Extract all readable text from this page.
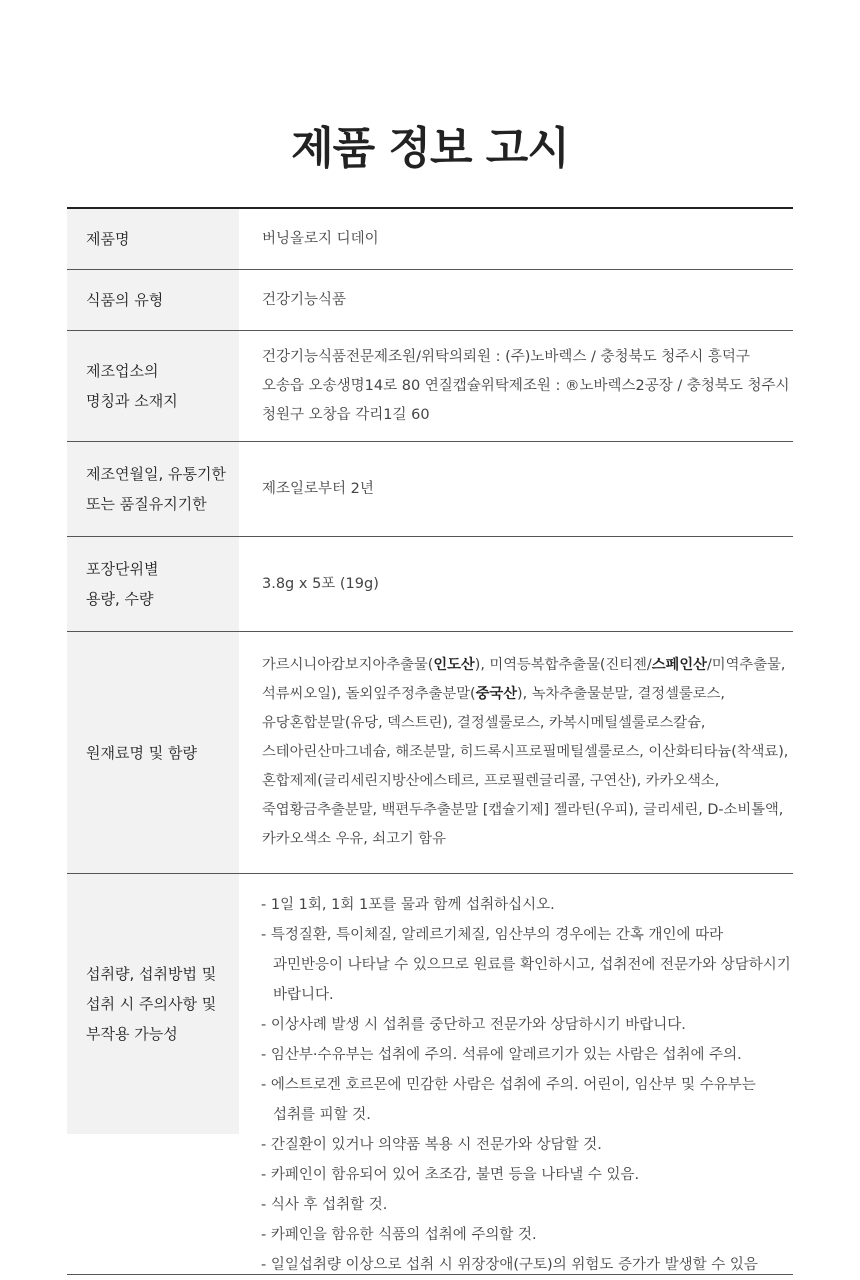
제품 정보 고시
제품명	버닝올로지 디데이
식품의 유형	건강기능식품
제조업소의
명칭과 소재지
건강기능식품전문제조원/위탁의뢰원 : (주)노바렉스 / 충청북도 청주시 흥덕구 오송읍 오송생명14로 80 연질캡슐위탁제조원 : ®노바렉스2공장 / 충청북도 청주시 청원구 오창읍 각리1길 60
제조연월일, 유통기한
또는 품질유지기한
제조일로부터 2년
포장단위별
용량, 수량
3.8g x 5포 (19g)
원재료명 및 함량
가르시니아캄보지아추출물(인도산), 미역등복합추출물(진티젠/스페인산/미역추출물, 석류씨오일), 돌외잎주정추출분말(중국산), 녹차추출물분말, 결정셀룰로스, 유당혼합분말(유당, 덱스트린), 결정셀룰로스, 카복시메틸셀룰로스칼슘, 스테아린산마그네슘, 해조분말, 히드록시프로필메틸셀룰로스, 이산화티타늄(착색료), 혼합제제(글리세린지방산에스테르, 프로필렌글리콜, 구연산), 카카오색소, 죽엽황금추출분말, 백편두추출분말 [캡슐기제] 젤라틴(우피), 글리세린, D-소비톨액, 카카오색소 우유, 쇠고기 함유
섭취량, 섭취방법 및
섭취 시 주의사항 및
부작용 가능성
- 1일 1회, 1회 1포를 물과 함께 섭취하십시오.
- 특정질환, 특이체질, 알레르기체질, 임산부의 경우에는 간혹 개인에 따라 과민반응이 나타날 수 있으므로 원료를 확인하시고, 섭취전에 전문가와 상담하시기 바랍니다.
- 이상사례 발생 시 섭취를 중단하고 전문가와 상담하시기 바랍니다.
- 임산부·수유부는 섭취에 주의. 석류에 알레르기가 있는 사람은 섭취에 주의.
- 에스트로겐 호르몬에 민감한 사람은 섭취에 주의. 어린이, 임산부 및 수유부는 섭취를 피할 것.
- 간질환이 있거나 의약품 복용 시 전문가와 상담할 것.
- 카페인이 함유되어 있어 초조감, 불면 등을 나타낼 수 있음.
- 식사 후 섭취할 것.
- 카페인을 함유한 식품의 섭취에 주의할 것.
- 일일섭취량 이상으로 섭취 시 위장장애(구토)의 위험도 증가가 발생할 수 있음
